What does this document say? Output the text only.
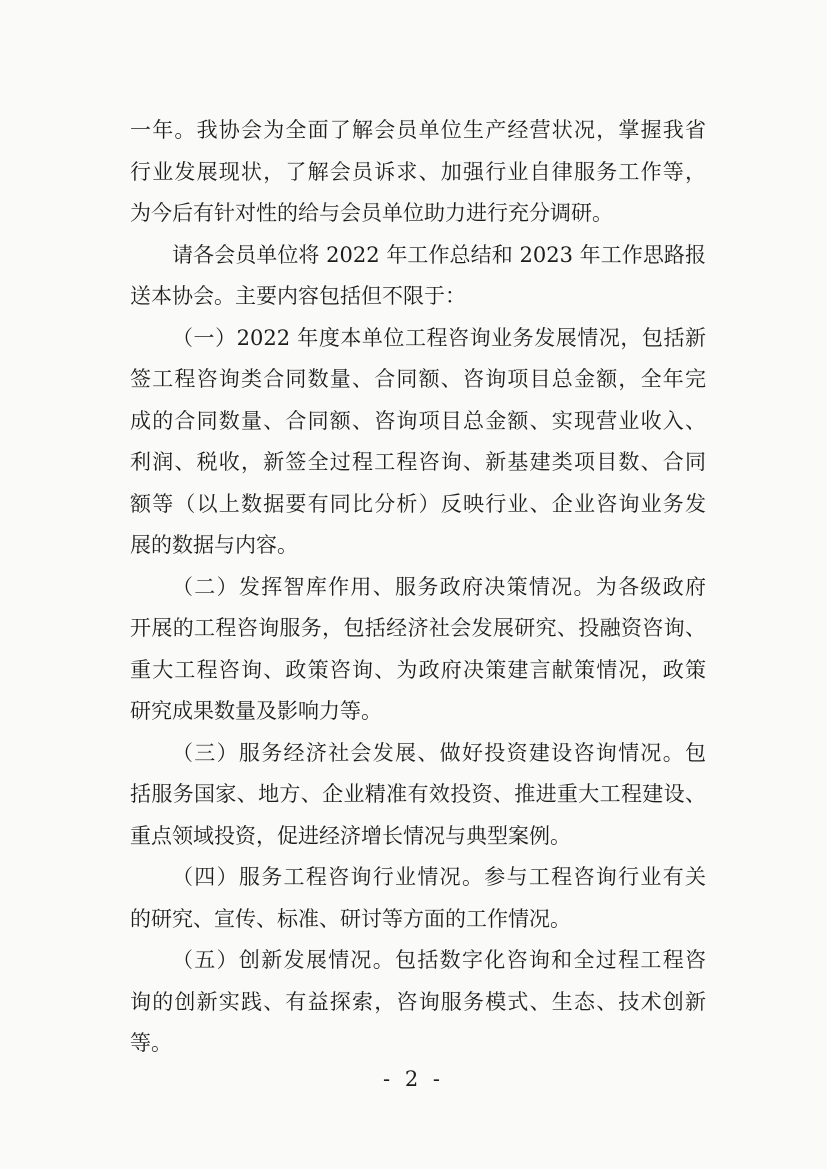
一年。我协会为全面了解会员单位生产经营状况，掌握我省
行业发展现状，了解会员诉求、加强行业自律服务工作等，
为今后有针对性的给与会员单位助力进行充分调研。
请各会员单位将 2022 年工作总结和 2023 年工作思路报
送本协会。主要内容包括但不限于：
（一）2022 年度本单位工程咨询业务发展情况，包括新
签工程咨询类合同数量、合同额、咨询项目总金额，全年完
成的合同数量、合同额、咨询项目总金额、实现营业收入、
利润、税收，新签全过程工程咨询、新基建类项目数、合同
额等（以上数据要有同比分析）反映行业、企业咨询业务发
展的数据与内容。
（二）发挥智库作用、服务政府决策情况。为各级政府
开展的工程咨询服务，包括经济社会发展研究、投融资咨询、
重大工程咨询、政策咨询、为政府决策建言献策情况，政策
研究成果数量及影响力等。
（三）服务经济社会发展、做好投资建设咨询情况。包
括服务国家、地方、企业精准有效投资、推进重大工程建设、
重点领域投资，促进经济增长情况与典型案例。
（四）服务工程咨询行业情况。参与工程咨询行业有关
的研究、宣传、标准、研讨等方面的工作情况。
（五）创新发展情况。包括数字化咨询和全过程工程咨
询的创新实践、有益探索，咨询服务模式、生态、技术创新
等。
- 2 -
